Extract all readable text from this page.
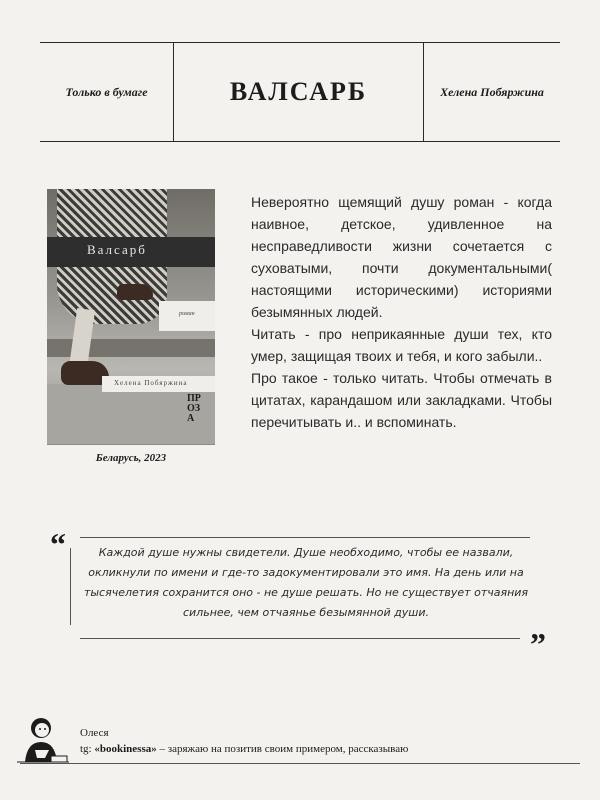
Только в бумаге	ВАЛСАРБ	Хелена Побяржина
Валсарб
роман
Хелена Побяржина
ПР
ОЗ
А
Беларусь, 2023

Невероятно щемящий душу роман - когда наивное, детское, удивленное на несправедливости жизни сочетается с суховатыми, почти документальными( настоящими историческими) историями безымянных людей.

Читать - про неприкаянные души тех, кто умер, защищая твоих и тебя, и кого забыли..

Про такое - только читать. Чтобы отмечать в цитатах, карандашом или закладками. Чтобы перечитывать и.. и вспоминать.

“	Каждой душе нужны свидетели. Душе необходимо, чтобы ее назвали, окликнули по имени и где-то задокументировали это имя. На день или на тысячелетия сохранится оно - не душе решать. Но не существует отчаяния сильнее, чем отчаянье безымянной души.
”
Олеся
tg: «bookinessa» – заряжаю на позитив своим примером, рассказываю
